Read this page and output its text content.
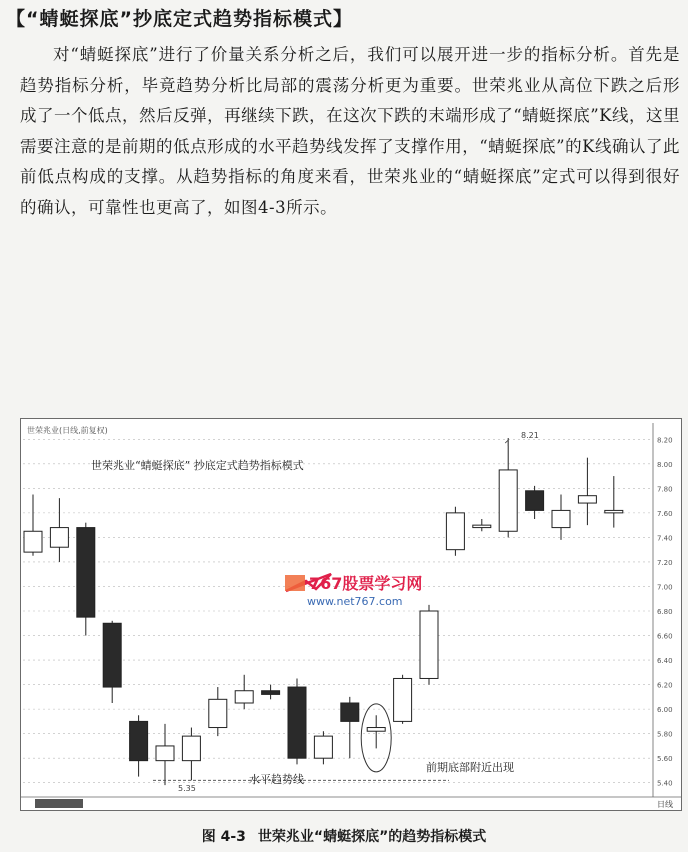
【“蜻蜓探底”抄底定式趋势指标模式】
对“蜻蜓探底”进行了价量关系分析之后，我们可以展开进一步的指标分析。首先是趋势指标分析，毕竟趋势分析比局部的震荡分析更为重要。世荣兆业从高位下跌之后形成了一个低点，然后反弹，再继续下跌，在这次下跌的末端形成了“蜻蜓探底”K线，这里需要注意的是前期的低点形成的水平趋势线发挥了支撑作用，“蜻蜓探底”的K线确认了此前低点构成的支撑。从趋势指标的角度来看，世荣兆业的“蜻蜓探底”定式可以得到很好的确认，可靠性也更高了，如图4-3所示。
5.40
5.60
5.80
6.00
6.20
6.40
6.60
6.80
7.00
7.20
7.40
7.60
7.80
8.00
8.20
世荣兆业(日线,前复权)
世荣兆业“蜻蜓探底” 抄底定式趋势指标模式
767股票学习网
www.net767.com
8.21
5.35
水平趋势线
前期底部附近出现
日线
图 4-3 世荣兆业“蜻蜓探底”的趋势指标模式
